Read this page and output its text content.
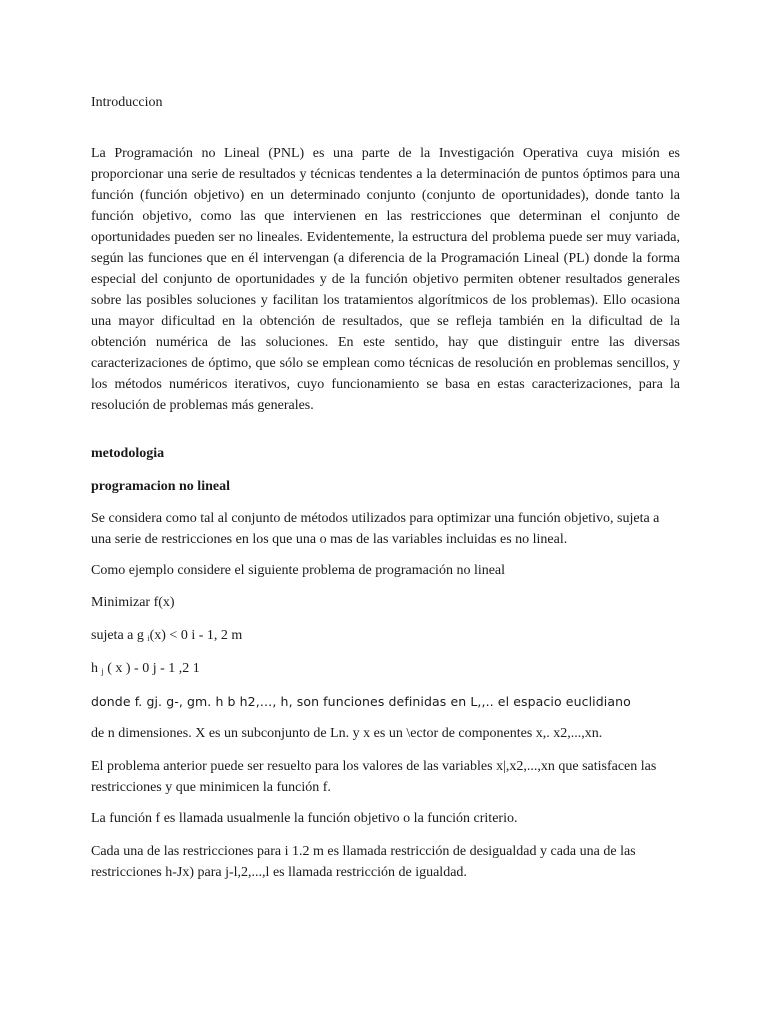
Introduccion

La Programación no Lineal (PNL) es una parte de la Investigación Operativa cuya misión es proporcionar una serie de resultados y técnicas tendentes a la determinación de puntos óptimos para una función (función objetivo) en un determinado conjunto (conjunto de oportunidades), donde tanto la función objetivo, como las que intervienen en las restricciones que determinan el conjunto de oportunidades pueden ser no lineales. Evidentemente, la estructura del problema puede ser muy variada, según las funciones que en él intervengan (a diferencia de la Programación Lineal (PL) donde la forma especial del conjunto de oportunidades y de la función objetivo permiten obtener resultados generales sobre las posibles soluciones y facilitan los tratamientos algorítmicos de los problemas). Ello ocasiona una mayor dificultad en la obtención de resultados, que se refleja también en la dificultad de la obtención numérica de las soluciones. En este sentido, hay que distinguir entre las diversas caracterizaciones de óptimo, que sólo se emplean como técnicas de resolución en problemas sencillos, y los métodos numéricos iterativos, cuyo funcionamiento se basa en estas caracterizaciones, para la resolución de problemas más generales.

metodologia

programacion no lineal

Se considera como tal al conjunto de métodos utilizados para optimizar una función objetivo, sujeta a una serie de restricciones en los que una o mas de las variables incluidas es no lineal.

Como ejemplo considere el siguiente problema de programación no lineal

Minimizar f(x)

sujeta a g $_i$(x) < 0 i - 1, 2 m

h $_j$ ( x ) - 0 j - 1 ,2 1

donde f. gj. g-, gm. h b h2,…, h, son funciones definidas en L,,.. el espacio euclidiano

de n dimensiones. X es un subconjunto de Ln. y x es un \ector de componentes x,. x2,...,xn.

El problema anterior puede ser resuelto para los valores de las variables x|,x2,...,xn que satisfacen las restricciones y que minimicen la función f.

La función f es llamada usualmenle la función objetivo o la función criterio.

Cada una de las restricciones para i 1.2 m es llamada restricción de desigualdad y cada una de las restricciones h-Jx) para j-l,2,...,l es llamada restricción de igualdad.
